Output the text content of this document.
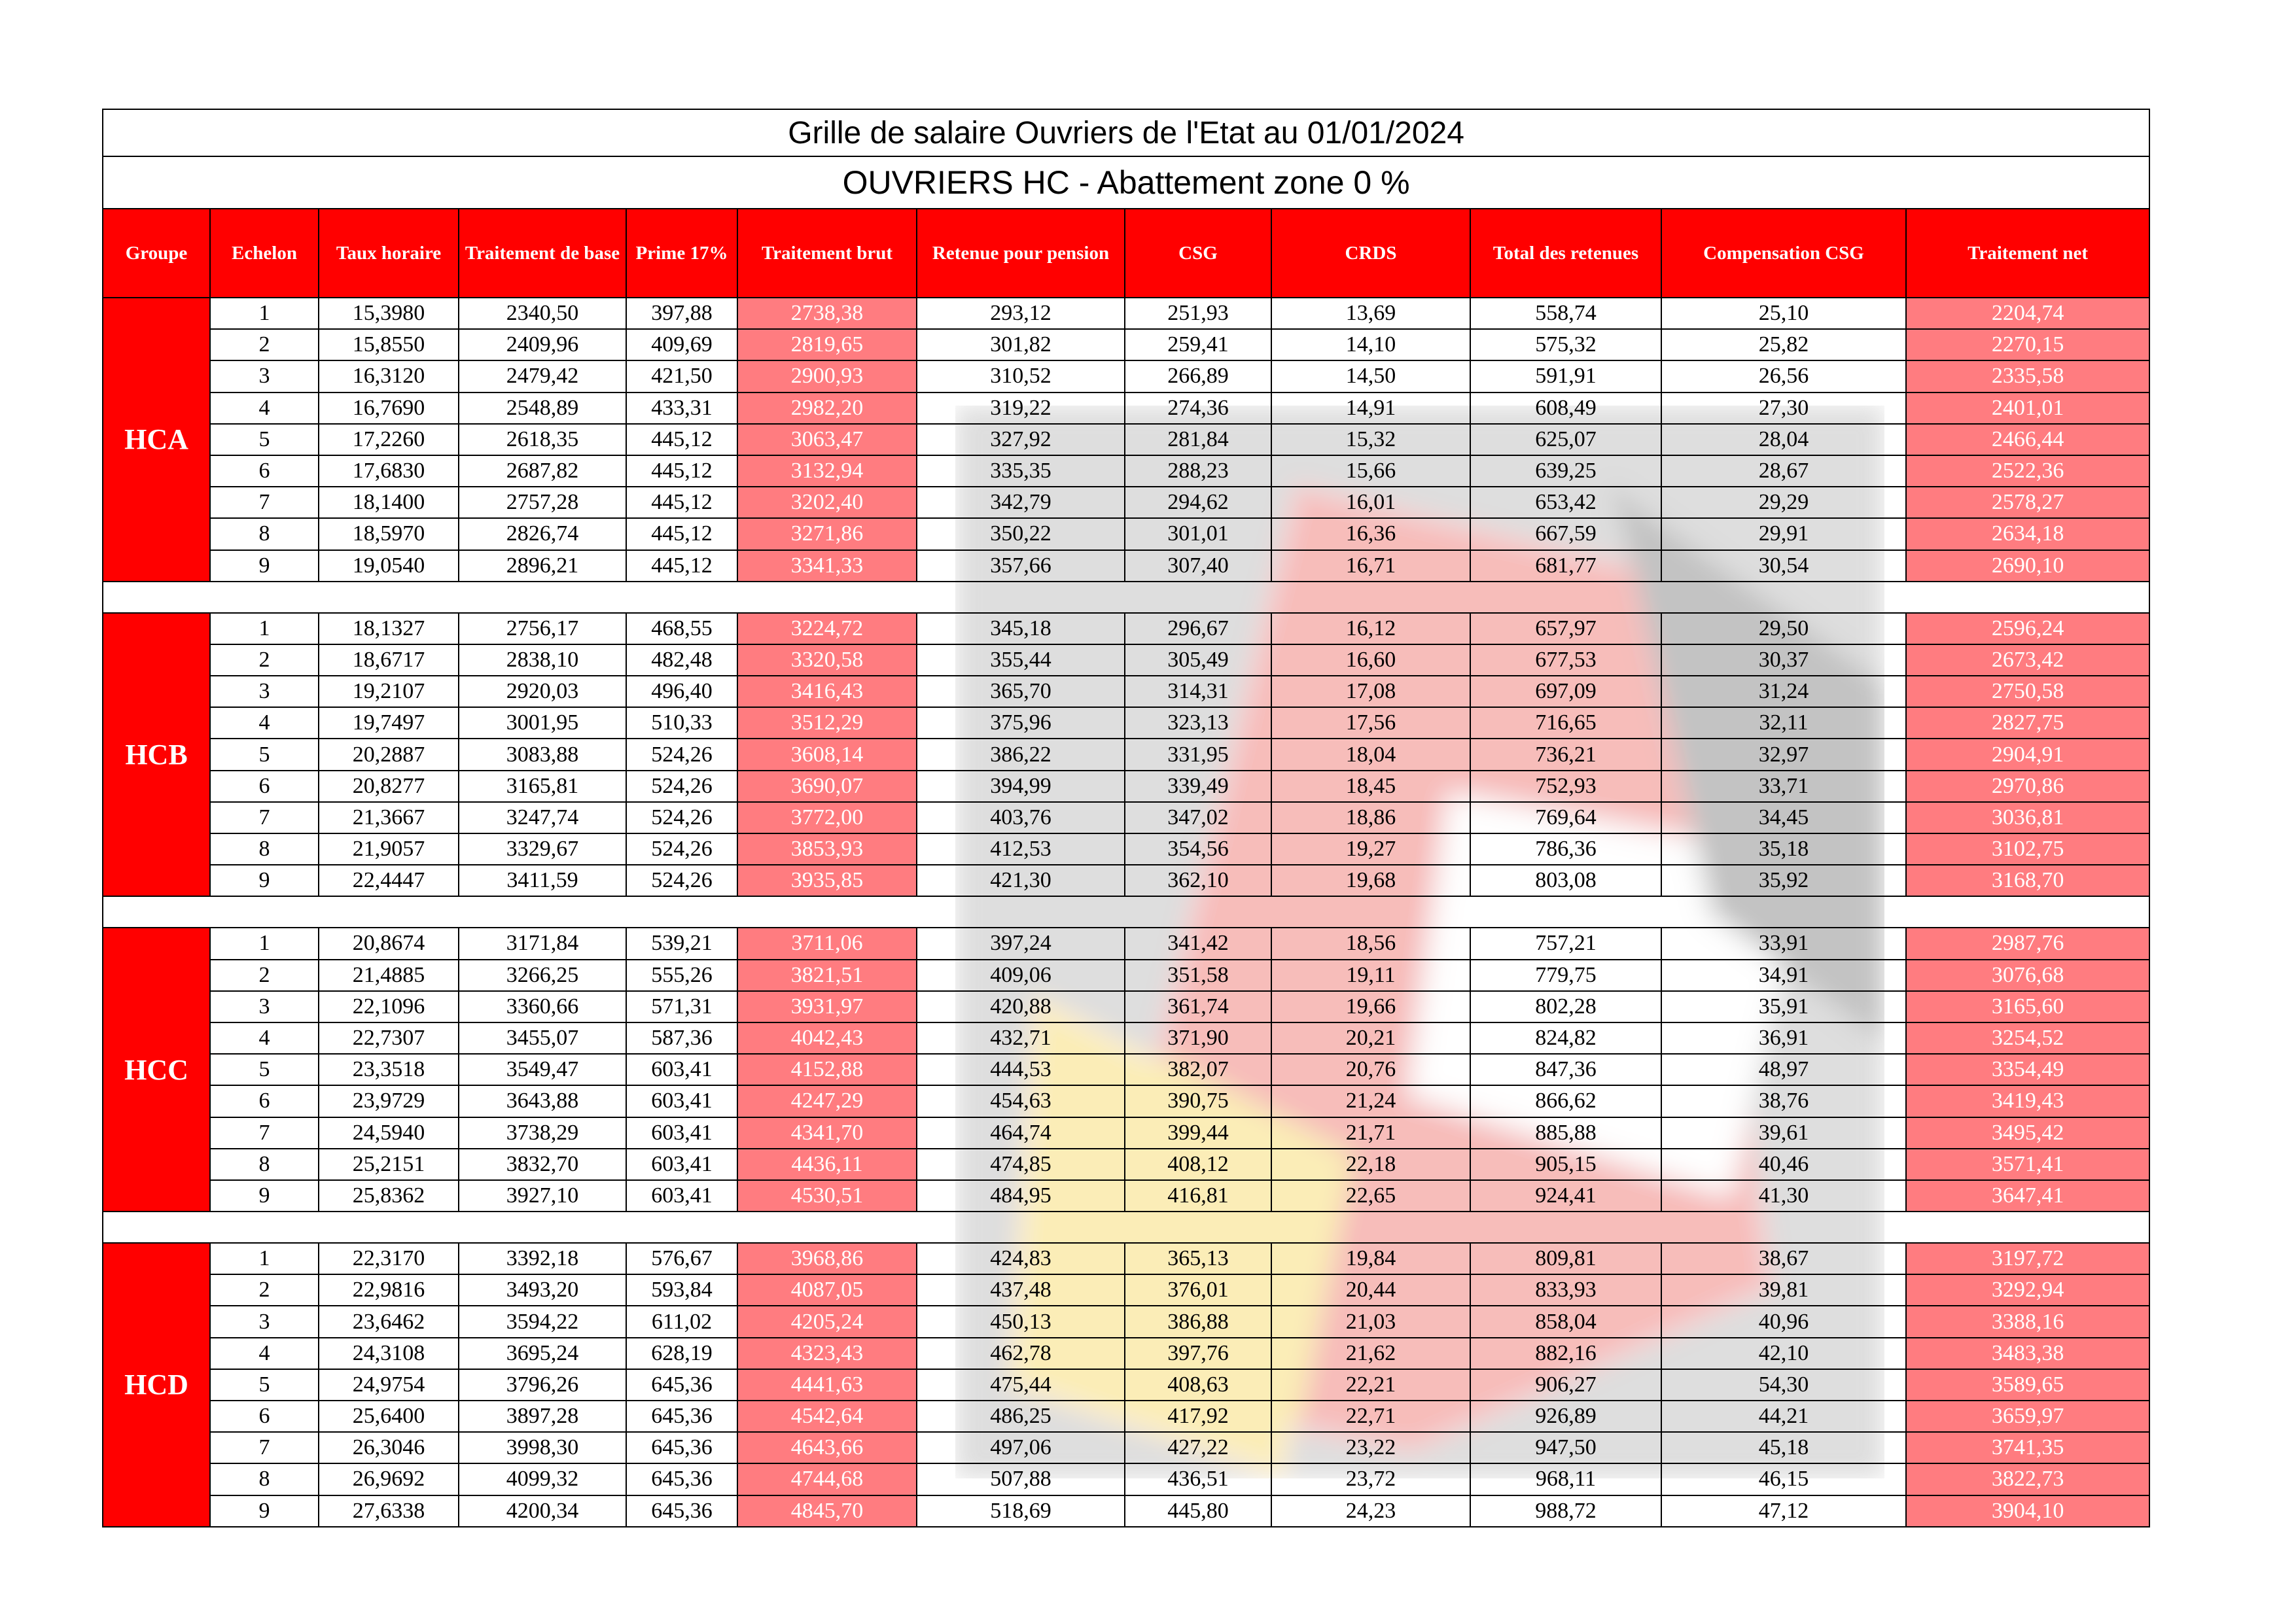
Grille de salaire Ouvriers de l'Etat au 01/01/2024											
OUVRIERS HC - Abattement zone 0 %											
Groupe	Echelon	Taux horaire	Traitement de base	Prime 17%	Traitement brut	Retenue pour pension	CSG	CRDS	Total des retenues	Compensation CSG	Traitement net
HCA	1	15,3980	2340,50	397,88	2738,38	293,12	251,93	13,69	558,74	25,10	2204,74
	2	15,8550	2409,96	409,69	2819,65	301,82	259,41	14,10	575,32	25,82	2270,15
	3	16,3120	2479,42	421,50	2900,93	310,52	266,89	14,50	591,91	26,56	2335,58
	4	16,7690	2548,89	433,31	2982,20	319,22	274,36	14,91	608,49	27,30	2401,01
	5	17,2260	2618,35	445,12	3063,47	327,92	281,84	15,32	625,07	28,04	2466,44
	6	17,6830	2687,82	445,12	3132,94	335,35	288,23	15,66	639,25	28,67	2522,36
	7	18,1400	2757,28	445,12	3202,40	342,79	294,62	16,01	653,42	29,29	2578,27
	8	18,5970	2826,74	445,12	3271,86	350,22	301,01	16,36	667,59	29,91	2634,18
	9	19,0540	2896,21	445,12	3341,33	357,66	307,40	16,71	681,77	30,54	2690,10

HCB	1	18,1327	2756,17	468,55	3224,72	345,18	296,67	16,12	657,97	29,50	2596,24
	2	18,6717	2838,10	482,48	3320,58	355,44	305,49	16,60	677,53	30,37	2673,42
	3	19,2107	2920,03	496,40	3416,43	365,70	314,31	17,08	697,09	31,24	2750,58
	4	19,7497	3001,95	510,33	3512,29	375,96	323,13	17,56	716,65	32,11	2827,75
	5	20,2887	3083,88	524,26	3608,14	386,22	331,95	18,04	736,21	32,97	2904,91
	6	20,8277	3165,81	524,26	3690,07	394,99	339,49	18,45	752,93	33,71	2970,86
	7	21,3667	3247,74	524,26	3772,00	403,76	347,02	18,86	769,64	34,45	3036,81
	8	21,9057	3329,67	524,26	3853,93	412,53	354,56	19,27	786,36	35,18	3102,75
	9	22,4447	3411,59	524,26	3935,85	421,30	362,10	19,68	803,08	35,92	3168,70

HCC	1	20,8674	3171,84	539,21	3711,06	397,24	341,42	18,56	757,21	33,91	2987,76
	2	21,4885	3266,25	555,26	3821,51	409,06	351,58	19,11	779,75	34,91	3076,68
	3	22,1096	3360,66	571,31	3931,97	420,88	361,74	19,66	802,28	35,91	3165,60
	4	22,7307	3455,07	587,36	4042,43	432,71	371,90	20,21	824,82	36,91	3254,52
	5	23,3518	3549,47	603,41	4152,88	444,53	382,07	20,76	847,36	48,97	3354,49
	6	23,9729	3643,88	603,41	4247,29	454,63	390,75	21,24	866,62	38,76	3419,43
	7	24,5940	3738,29	603,41	4341,70	464,74	399,44	21,71	885,88	39,61	3495,42
	8	25,2151	3832,70	603,41	4436,11	474,85	408,12	22,18	905,15	40,46	3571,41
	9	25,8362	3927,10	603,41	4530,51	484,95	416,81	22,65	924,41	41,30	3647,41

HCD	1	22,3170	3392,18	576,67	3968,86	424,83	365,13	19,84	809,81	38,67	3197,72
	2	22,9816	3493,20	593,84	4087,05	437,48	376,01	20,44	833,93	39,81	3292,94
	3	23,6462	3594,22	611,02	4205,24	450,13	386,88	21,03	858,04	40,96	3388,16
	4	24,3108	3695,24	628,19	4323,43	462,78	397,76	21,62	882,16	42,10	3483,38
	5	24,9754	3796,26	645,36	4441,63	475,44	408,63	22,21	906,27	54,30	3589,65
	6	25,6400	3897,28	645,36	4542,64	486,25	417,92	22,71	926,89	44,21	3659,97
	7	26,3046	3998,30	645,36	4643,66	497,06	427,22	23,22	947,50	45,18	3741,35
	8	26,9692	4099,32	645,36	4744,68	507,88	436,51	23,72	968,11	46,15	3822,73
	9	27,6338	4200,34	645,36	4845,70	518,69	445,80	24,23	988,72	47,12	3904,10
